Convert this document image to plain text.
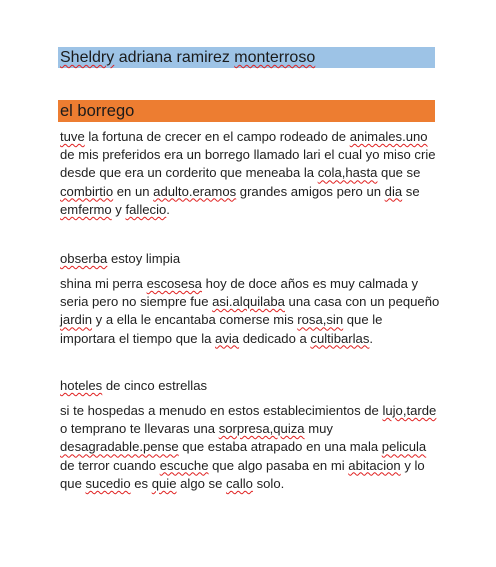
Sheldry adriana ramirez monterroso
el borrego

tuve la fortuna de crecer en el campo rodeado de animales.uno de mis preferidos era un borrego llamado lari el cual yo miso crie desde que era un corderito que meneaba la cola,hasta que se combirtio en un adulto.eramos grandes amigos pero un dia se emfermo y fallecio.

obserba estoy limpia

shina mi perra escosesa hoy de doce años es muy calmada y seria pero no siempre fue asi.alquilaba una casa con un pequeño jardin y a ella le encantaba comerse mis rosa,sin que le importara el tiempo que la avia dedicado a cultibarlas.

hoteles de cinco estrellas

si te hospedas a menudo en estos establecimientos de lujo,tarde o temprano te llevaras una sorpresa,quiza muy desagradable.pense que estaba atrapado en una mala pelicula de terror cuando escuche que algo pasaba en mi abitacion y lo que sucedio es quie algo se callo solo.
